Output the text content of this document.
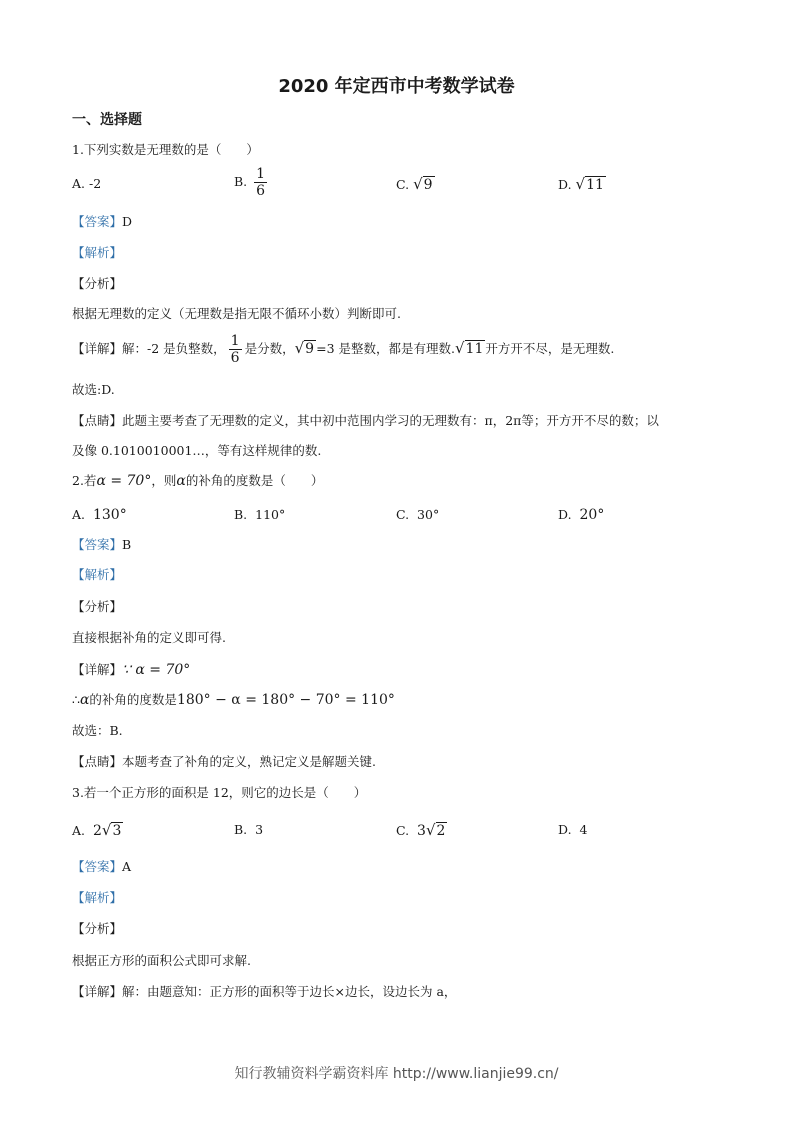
2020 年定西市中考数学试卷
一、选择题
1.下列实数是无理数的是（　　）
A. -2	B. $\frac{1}{6}$	C. √9	D. √11
【答案】D
【解析】
【分析】
根据无理数的定义（无理数是指无限不循环小数）判断即可.
【详解】解：-2 是负整数， $\frac{1}{6}$ 是分数，√9 =3 是整数，都是有理数.√11 开方开不尽，是无理数.
故选:D.
【点睛】此题主要考查了无理数的定义，其中初中范围内学习的无理数有：π，2π等；开方开不尽的数；以
及像 0.1010010001…，等有这样规律的数.
2.若α = 70°，则α的补角的度数是（　　）
A. 130°	B. 110°	C. 30°	D. 20°
【答案】B
【解析】
【分析】
直接根据补角的定义即可得.
【详解】∵ α = 70°
∴α的补角的度数是180° − α = 180° − 70° = 110°
故选：B.
【点睛】本题考查了补角的定义，熟记定义是解题关键.
3.若一个正方形的面积是 12，则它的边长是（　　）
A. 2√3	B. 3	C. 3√2	D. 4
【答案】A
【解析】
【分析】
根据正方形的面积公式即可求解.
【详解】解：由题意知：正方形的面积等于边长×边长，设边长为 a，
知行教辅资料学霸资料库 http://www.lianjie99.cn/
